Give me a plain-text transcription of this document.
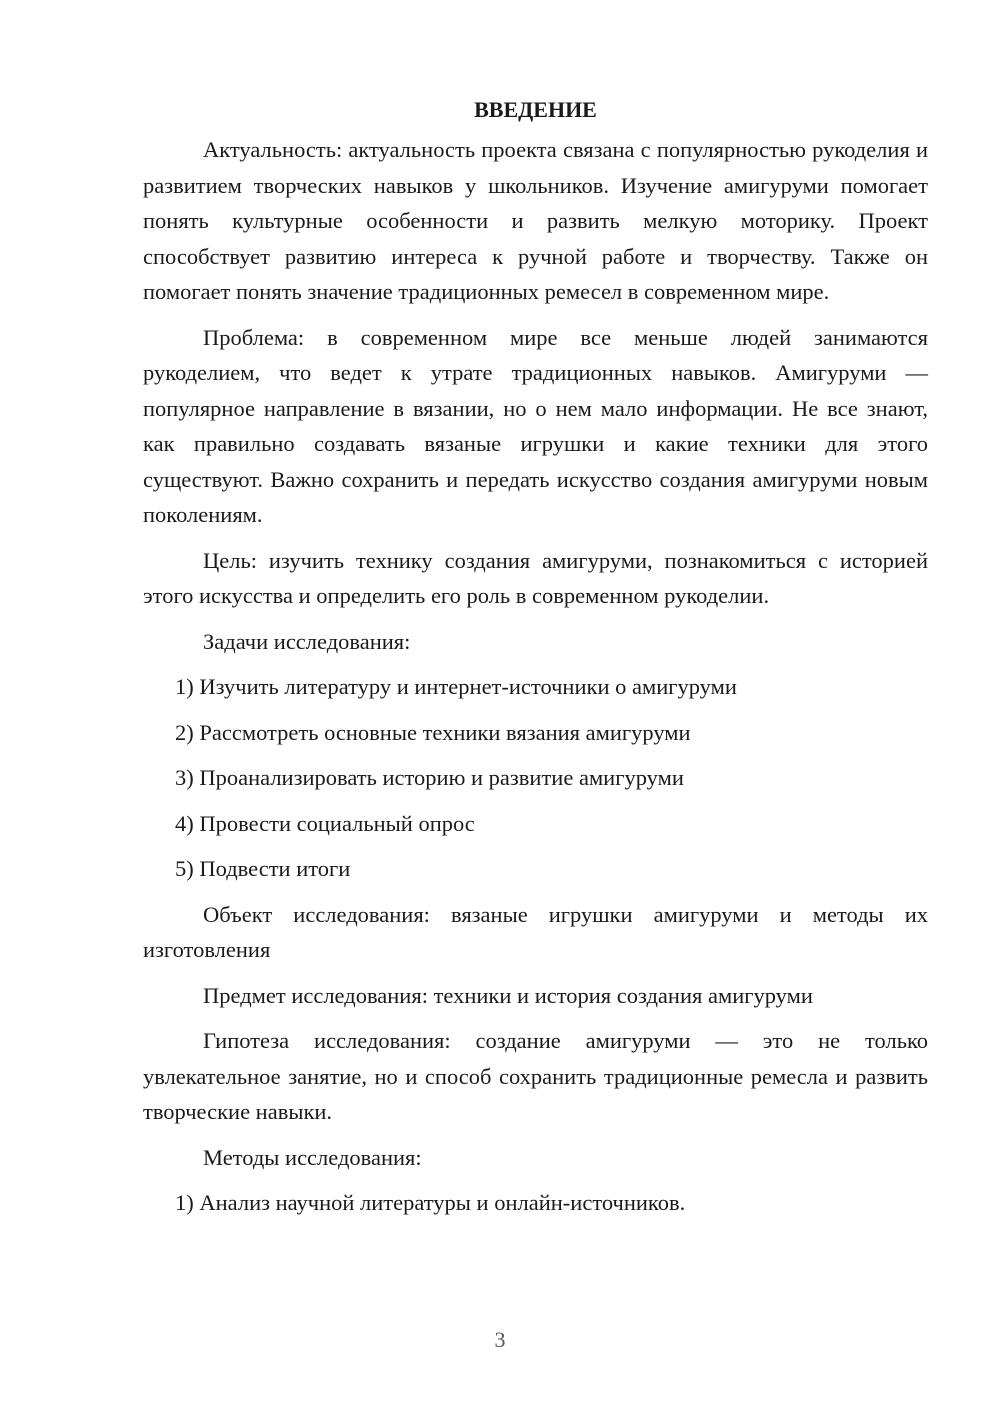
ВВЕДЕНИЕ

Актуальность: актуальность проекта связана с популярностью рукоделия и развитием творческих навыков у школьников. Изучение амигуруми помогает понять культурные особенности и развить мелкую моторику. Проект способствует развитию интереса к ручной работе и творчеству. Также он помогает понять значение традиционных ремесел в современном мире.

Проблема: в современном мире все меньше людей занимаются рукоделием, что ведет к утрате традиционных навыков. Амигуруми — популярное направление в вязании, но о нем мало информации. Не все знают, как правильно создавать вязаные игрушки и какие техники для этого существуют. Важно сохранить и передать искусство создания амигуруми новым поколениям.

Цель: изучить технику создания амигуруми, познакомиться с историей этого искусства и определить его роль в современном рукоделии.

Задачи исследования:

1) Изучить литературу и интернет-источники о амигуруми

2) Рассмотреть основные техники вязания амигуруми

3) Проанализировать историю и развитие амигуруми

4) Провести социальный опрос

5) Подвести итоги

Объект исследования: вязаные игрушки амигуруми и методы их изготовления

Предмет исследования: техники и история создания амигуруми

Гипотеза исследования: создание амигуруми — это не только увлекательное занятие, но и способ сохранить традиционные ремесла и развить творческие навыки.

Методы исследования:

1) Анализ научной литературы и онлайн-источников.

3
